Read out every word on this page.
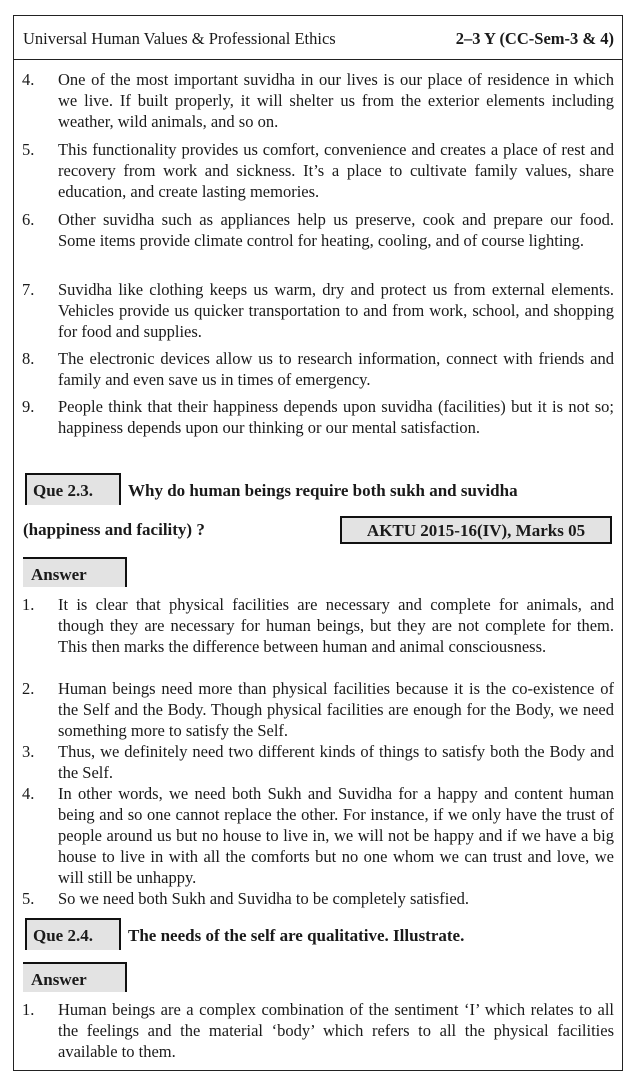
Universal Human Values & Professional Ethics	2–3 Y (CC-Sem-3 & 4)
4. One of the most important suvidha in our lives is our place of residence in which we live. If built properly, it will shelter us from the exterior elements including weather, wild animals, and so on.
5. This functionality provides us comfort, convenience and creates a place of rest and recovery from work and sickness. It’s a place to cultivate family values, share education, and create lasting memories.
6. Other suvidha such as appliances help us preserve, cook and prepare our food. Some items provide climate control for heating, cooling, and of course lighting.
7. Suvidha like clothing keeps us warm, dry and protect us from external elements. Vehicles provide us quicker transportation to and from work, school, and shopping for food and supplies.
8. The electronic devices allow us to research information, connect with friends and family and even save us in times of emergency.
9. People think that their happiness depends upon suvidha (facilities) but it is not so; happiness depends upon our thinking or our mental satisfaction.
Que 2.3. Why do human beings require both sukh and suvidha
(happiness and facility) ?	AKTU 2015-16(IV), Marks 05
Answer
1. It is clear that physical facilities are necessary and complete for animals, and though they are necessary for human beings, but they are not complete for them. This then marks the difference between human and animal consciousness.
2. Human beings need more than physical facilities because it is the co-existence of the Self and the Body. Though physical facilities are enough for the Body, we need something more to satisfy the Self.
3. Thus, we definitely need two different kinds of things to satisfy both the Body and the Self.
4. In other words, we need both Sukh and Suvidha for a happy and content human being and so one cannot replace the other. For instance, if we only have the trust of people around us but no house to live in, we will not be happy and if we have a big house to live in with all the comforts but no one whom we can trust and love, we will still be unhappy.
5. So we need both Sukh and Suvidha to be completely satisfied.
Que 2.4. The needs of the self are qualitative. Illustrate.
Answer
1. Human beings are a complex combination of the sentiment ‘I’ which relates to all the feelings and the material ‘body’ which refers to all the physical facilities available to them.
